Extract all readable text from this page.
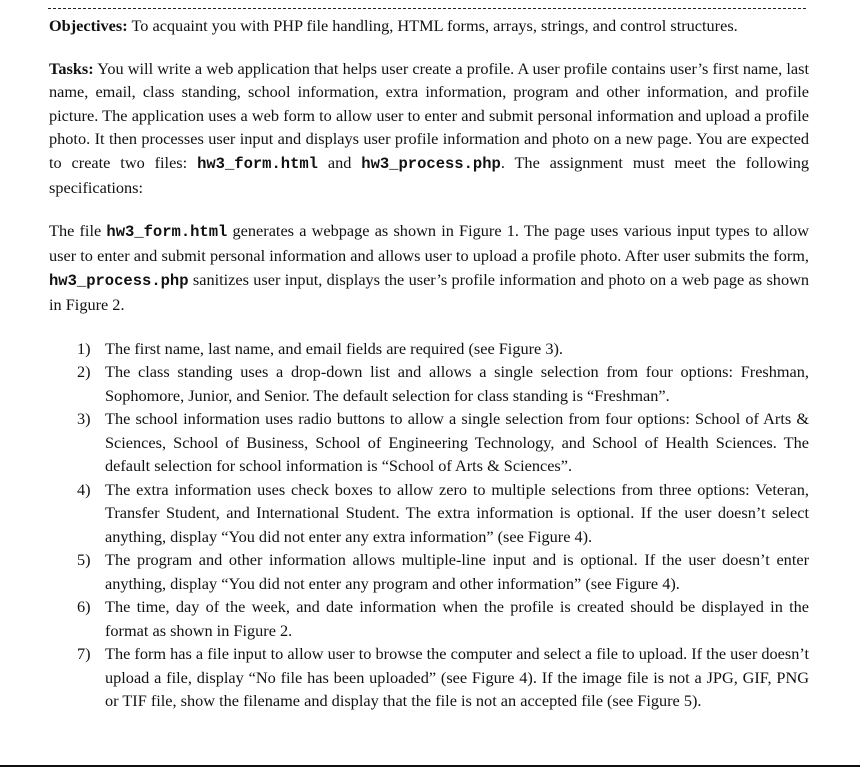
Objectives: To acquaint you with PHP file handling, HTML forms, arrays, strings, and control structures.

Tasks: You will write a web application that helps user create a profile. A user profile contains user’s first name, last name, email, class standing, school information, extra information, program and other information, and profile picture. The application uses a web form to allow user to enter and submit personal information and upload a profile photo. It then processes user input and displays user profile information and photo on a new page. You are expected to create two files: hw3_form.html and hw3_process.php. The assignment must meet the following specifications:

The file hw3_form.html generates a webpage as shown in Figure 1. The page uses various input types to allow user to enter and submit personal information and allows user to upload a profile photo. After user submits the form, hw3_process.php sanitizes user input, displays the user’s profile information and photo on a web page as shown in Figure 2.

1) The first name, last name, and email fields are required (see Figure 3).
2) The class standing uses a drop-down list and allows a single selection from four options: Freshman, Sophomore, Junior, and Senior. The default selection for class standing is “Freshman”.
3) The school information uses radio buttons to allow a single selection from four options: School of Arts & Sciences, School of Business, School of Engineering Technology, and School of Health Sciences. The default selection for school information is “School of Arts & Sciences”.
4) The extra information uses check boxes to allow zero to multiple selections from three options: Veteran, Transfer Student, and International Student. The extra information is optional. If the user doesn’t select anything, display “You did not enter any extra information” (see Figure 4).
5) The program and other information allows multiple-line input and is optional. If the user doesn’t enter anything, display “You did not enter any program and other information” (see Figure 4).
6) The time, day of the week, and date information when the profile is created should be displayed in the format as shown in Figure 2.
7) The form has a file input to allow user to browse the computer and select a file to upload. If the user doesn’t upload a file, display “No file has been uploaded” (see Figure 4). If the image file is not a JPG, GIF, PNG or TIF file, show the filename and display that the file is not an accepted file (see Figure 5).
